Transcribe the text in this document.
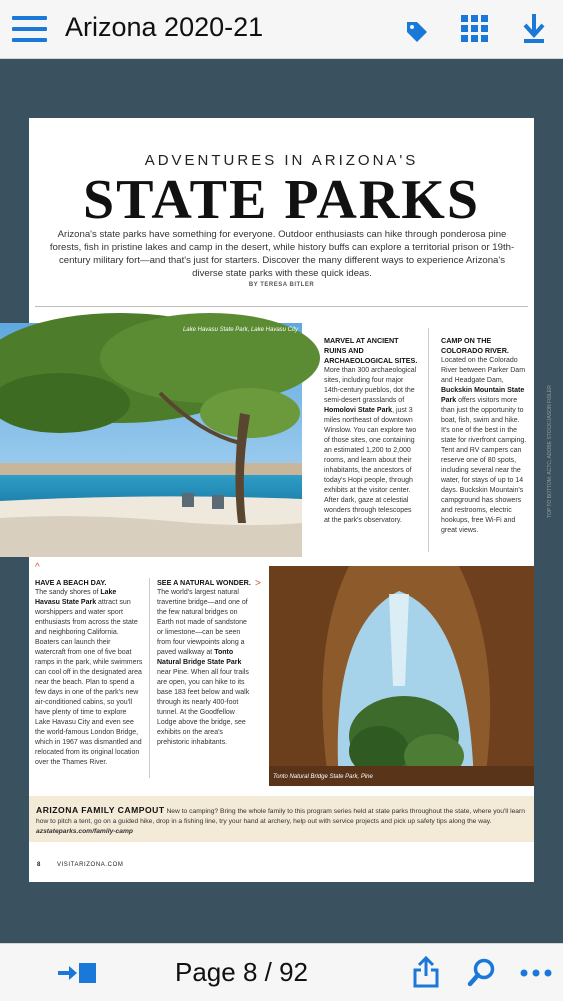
Arizona 2020-21
ADVENTURES IN ARIZONA'S
STATE PARKS
Arizona's state parks have something for everyone. Outdoor enthusiasts can hike through ponderosa pine forests, fish in pristine lakes and camp in the desert, while history buffs can explore a territorial prison or 19th-century military fort—and that's just for starters. Discover the many different ways to experience Arizona's diverse state parks with these quick ideas.
BY TERESA BITLER
Lake Havasu State Park, Lake Havasu City
MARVEL AT ANCIENT RUINS AND ARCHAEOLOGICAL SITES.
More than 300 archaeological sites, including four major 14th-century pueblos, dot the semi-desert grasslands of Homolovi State Park, just 3 miles northeast of downtown Winslow. You can explore two of those sites, one containing an estimated 1,200 to 2,000 rooms, and learn about their inhabitants, the ancestors of today's Hopi people, through exhibits at the visitor center. After dark, gaze at celestial wonders through telescopes at the park's observatory.
CAMP ON THE COLORADO RIVER.
Located on the Colorado River between Parker Dam and Headgate Dam, Buckskin Mountain State Park offers visitors more than just the opportunity to boat, fish, swim and hike. It's one of the best in the state for riverfront camping. Tent and RV campers can reserve one of 80 spots, including several near the water, for stays of up to 14 days. Buckskin Mountain's campground has showers and restrooms, electric hookups, free Wi-Fi and great views.
TOP TO BOTTOM: ACTC; ADOBE STOCK/JASON FIDLER
^
HAVE A BEACH DAY.
The sandy shores of Lake Havasu State Park attract sun worshippers and water sport enthusiasts from across the state and neighboring California. Boaters can launch their watercraft from one of five boat ramps in the park, while swimmers can cool off in the designated area near the beach. Plan to spend a few days in one of the park's new air-conditioned cabins, so you'll have plenty of time to explore Lake Havasu City and even see the world-famous London Bridge, which in 1967 was dismantled and relocated from its original location over the Thames River.
SEE A NATURAL WONDER.
The world's largest natural travertine bridge—and one of the few natural bridges on Earth not made of sandstone or limestone—can be seen from four viewpoints along a paved walkway at Tonto Natural Bridge State Park near Pine. When all four trails are open, you can hike to its base 183 feet below and walk through its nearly 400-foot tunnel. At the Goodfellow Lodge above the bridge, see exhibits on the area's prehistoric inhabitants.
>
Tonto Natural Bridge State Park, Pine
ARIZONA FAMILY CAMPOUT New to camping? Bring the whole family to this program series held at state parks throughout the state, where you'll learn how to pitch a tent, go on a guided hike, drop in a fishing line, try your hand at archery, help out with service projects and pick up safety tips along the way. azstateparks.com/family-camp
8	VISITARIZONA.COM
Page 8 / 92
